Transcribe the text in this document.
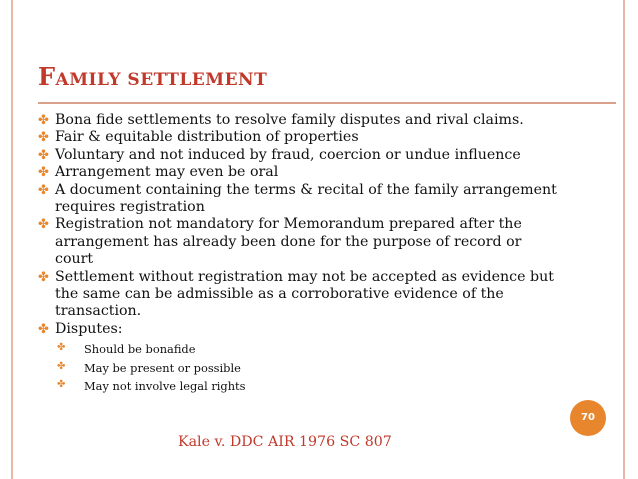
FAMILY SETTLEMENT
✤ Bona fide settlements to resolve family disputes and rival claims.
✤ Fair & equitable distribution of properties
✤ Voluntary and not induced by fraud, coercion or undue influence
✤ Arrangement may even be oral
✤ A document containing the terms & recital of the family arrangement requires registration
✤ Registration not mandatory for Memorandum prepared after the arrangement has already been done for the purpose of record or court
✤ Settlement without registration may not be accepted as evidence but the same can be admissible as a corroborative evidence of the transaction.
✤ Disputes:
✤ Should be bonafide
✤ May be present or possible
✤ May not involve legal rights
Kale v. DDC AIR 1976 SC 807
70
